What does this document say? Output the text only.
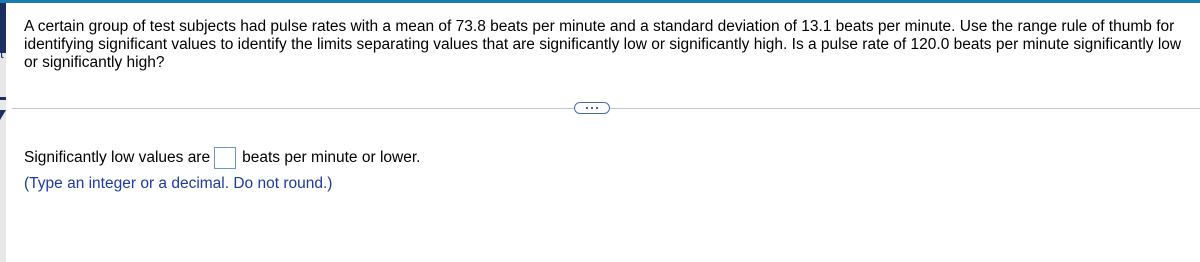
t
A certain group of test subjects had pulse rates with a mean of 73.8 beats per minute and a standard deviation of 13.1 beats per minute. Use the range rule of thumb for identifying significant values to identify the limits separating values that are significantly low or significantly high. Is a pulse rate of 120.0 beats per minute significantly low or significantly high?
Significantly low values are beats per minute or lower.
(Type an integer or a decimal. Do not round.)
